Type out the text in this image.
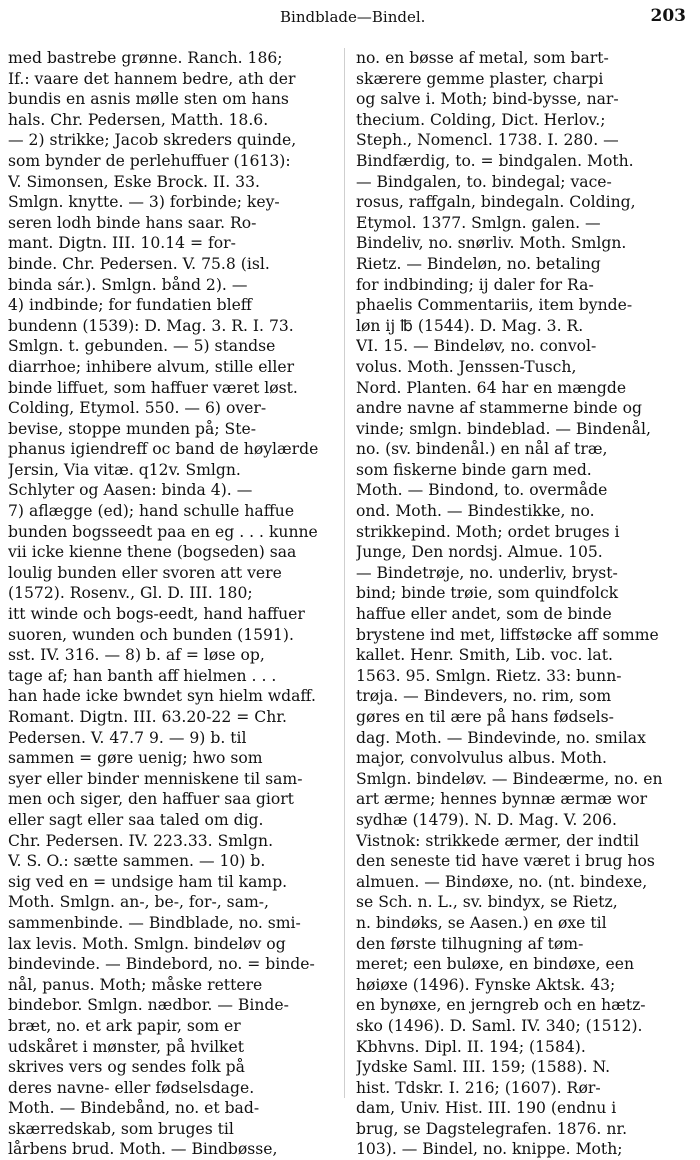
Bindblade—Bindel.	203
med bastrebe grønne. Ranch. 186;
If.: vaare det hannem bedre, ath der
bundis en asnis mølle sten om hans
hals. Chr. Pedersen, Matth. 18.6.
— 2) strikke; Jacob skreders quinde,
som bynder de perlehuffuer (1613):
V. Simonsen, Eske Brock. II. 33.
Smlgn. knytte. — 3) forbinde; key-
seren lodh binde hans saar. Ro-
mant. Digtn. III. 10.14 = for-
binde. Chr. Pedersen. V. 75.8 (isl.
binda sár.). Smlgn. bånd 2). —
4) indbinde; for fundatien bleff
bundenn (1539): D. Mag. 3. R. I. 73.
Smlgn. t. gebunden. — 5) standse
diarrhoe; inhibere alvum, stille eller
binde liffuet, som haffuer været løst.
Colding, Etymol. 550. — 6) over-
bevise, stoppe munden på; Ste-
phanus igiendreff oc band de høylærde
Jersin, Via vitæ. q12v. Smlgn.
Schlyter og Aasen: binda 4). —
7) aflægge (ed); hand schulle haffue
bunden bogsseedt paa en eg . . . kunne
vii icke kienne thene (bogseden) saa
loulig bunden eller svoren att vere
(1572). Rosenv., Gl. D. III. 180;
itt winde och bogs-eedt, hand haffuer
suoren, wunden och bunden (1591).
sst. IV. 316. — 8) b. af = løse op,
tage af; han banth aff hielmen . . .
han hade icke bwndet syn hielm wdaff.
Romant. Digtn. III. 63.20-22 = Chr.
Pedersen. V. 47.7 9. — 9) b. til
sammen = gøre uenig; hwo som
syer eller binder menniskene til sam-
men och siger, den haffuer saa giort
eller sagt eller saa taled om dig.
Chr. Pedersen. IV. 223.33. Smlgn.
V. S. O.: sætte sammen. — 10) b.
sig ved en = undsige ham til kamp.
Moth. Smlgn. an-, be-, for-, sam-,
sammenbinde. — Bindblade, no. smi-
lax levis. Moth. Smlgn. bindeløv og
bindevinde. — Bindebord, no. = binde-
nål, panus. Moth; måske rettere
bindebor. Smlgn. nædbor. — Binde-
bræt, no. et ark papir, som er
udskåret i mønster, på hvilket
skrives vers og sendes folk på
deres navne- eller fødselsdage.
Moth. — Bindebånd, no. et bad-
skærredskab, som bruges til
lårbens brud. Moth. — Bindbøsse,
no. en bøsse af metal, som bart-
skærere gemme plaster, charpi
og salve i. Moth; bind-bysse, nar-
thecium. Colding, Dict. Herlov.;
Steph., Nomencl. 1738. I. 280. —
Bindfærdig, to. = bindgalen. Moth.
— Bindgalen, to. bindegal; vace-
rosus, raffgaln, bindegaln. Colding,
Etymol. 1377. Smlgn. galen. —
Bindeliv, no. snørliv. Moth. Smlgn.
Rietz. — Bindeløn, no. betaling
for indbinding; ij daler for Ra-
phaelis Commentariis, item byndе-
løn ij ℔ (1544). D. Mag. 3. R.
VI. 15. — Bindeløv, no. convol-
volus. Moth. Jenssen-Tusch,
Nord. Planten. 64 har en mængde
andre navne af stammerne binde og
vinde; smlgn. bindeblad. — Bindenål,
no. (sv. bindenål.) en nål af træ,
som fiskerne binde garn med.
Moth. — Bindond, to. overmåde
ond. Moth. — Bindestikke, no.
strikkepind. Moth; ordet bruges i
Junge, Den nordsj. Almue. 105.
— Bindetrøje, no. underliv, bryst-
bind; binde trøie, som quindfolck
haffue eller andet, som de binde
brystene ind met, liffstøcke aff somme
kallet. Henr. Smith, Lib. voc. lat.
1563. 95. Smlgn. Rietz. 33: bunn-
trøja. — Bindevers, no. rim, som
gøres en til ære på hans fødsels-
dag. Moth. — Bindevinde, no. smilax
major, convolvulus albus. Moth.
Smlgn. bindeløv. — Bindeærme, no. en
art ærme; hennes bynnæ ærmæ wor
sydhæ (1479). N. D. Mag. V. 206.
Vistnok: strikkede ærmer, der indtil
den seneste tid have været i brug hos
almuen. — Bindøxe, no. (nt. bindexe,
se Sch. n. L., sv. bindyx, se Rietz,
n. bindøks, se Aasen.) en øxe til
den første tilhugning af tøm-
meret; een buløxe, en bindøxe, een
høiøxe (1496). Fynske Aktsk. 43;
en bynøxe, en jerngreb och en hætz-
sko (1496). D. Saml. IV. 340; (1512).
Kbhvns. Dipl. II. 194; (1584).
Jydske Saml. III. 159; (1588). N.
hist. Tdskr. I. 216; (1607). Rør-
dam, Univ. Hist. III. 190 (endnu i
brug, se Dagstelegrafen. 1876. nr.
103). — Bindel, no. knippe. Moth;
